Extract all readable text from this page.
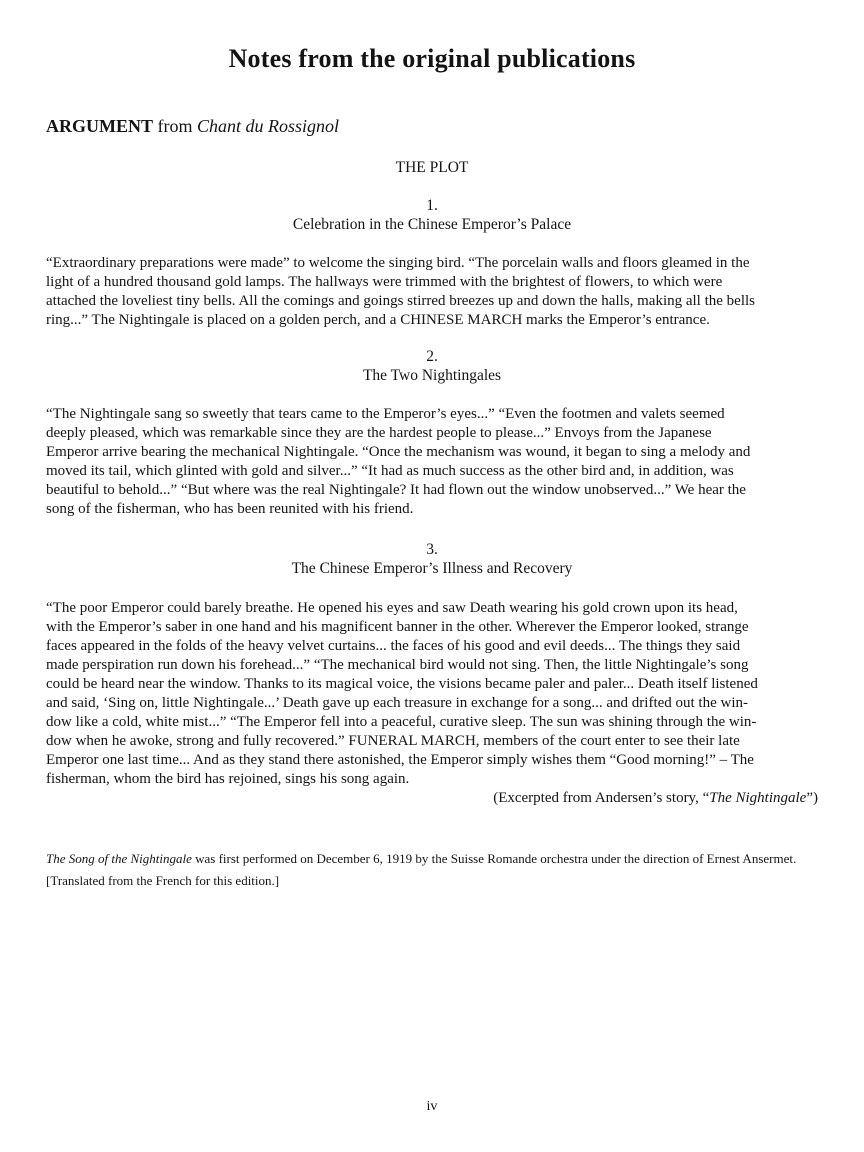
Notes from the original publications
ARGUMENT from Chant du Rossignol
THE PLOT
1.
Celebration in the Chinese Emperor’s Palace
“Extraordinary preparations were made” to welcome the singing bird. “The porcelain walls and floors gleamed in the
light of a hundred thousand gold lamps. The hallways were trimmed with the brightest of flowers, to which were
attached the loveliest tiny bells. All the comings and goings stirred breezes up and down the halls, making all the bells
ring...” The Nightingale is placed on a golden perch, and a CHINESE MARCH marks the Emperor’s entrance.
2.
The Two Nightingales
“The Nightingale sang so sweetly that tears came to the Emperor’s eyes...” “Even the footmen and valets seemed
deeply pleased, which was remarkable since they are the hardest people to please...” Envoys from the Japanese
Emperor arrive bearing the mechanical Nightingale. “Once the mechanism was wound, it began to sing a melody and
moved its tail, which glinted with gold and silver...” “It had as much success as the other bird and, in addition, was
beautiful to behold...” “But where was the real Nightingale? It had flown out the window unobserved...” We hear the
song of the fisherman, who has been reunited with his friend.
3.
The Chinese Emperor’s Illness and Recovery
“The poor Emperor could barely breathe. He opened his eyes and saw Death wearing his gold crown upon its head,
with the Emperor’s saber in one hand and his magnificent banner in the other. Wherever the Emperor looked, strange
faces appeared in the folds of the heavy velvet curtains... the faces of his good and evil deeds... The things they said
made perspiration run down his forehead...” “The mechanical bird would not sing. Then, the little Nightingale’s song
could be heard near the window. Thanks to its magical voice, the visions became paler and paler... Death itself listened
and said, ‘Sing on, little Nightingale...’ Death gave up each treasure in exchange for a song... and drifted out the win-
dow like a cold, white mist...” “The Emperor fell into a peaceful, curative sleep. The sun was shining through the win-
dow when he awoke, strong and fully recovered.” FUNERAL MARCH, members of the court enter to see their late
Emperor one last time... And as they stand there astonished, the Emperor simply wishes them “Good morning!” – The
fisherman, whom the bird has rejoined, sings his song again.
(Excerpted from Andersen’s story, “The Nightingale”)
The Song of the Nightingale was first performed on December 6, 1919 by the Suisse Romande orchestra under the direction of Ernest Ansermet.
[Translated from the French for this edition.]
iv
